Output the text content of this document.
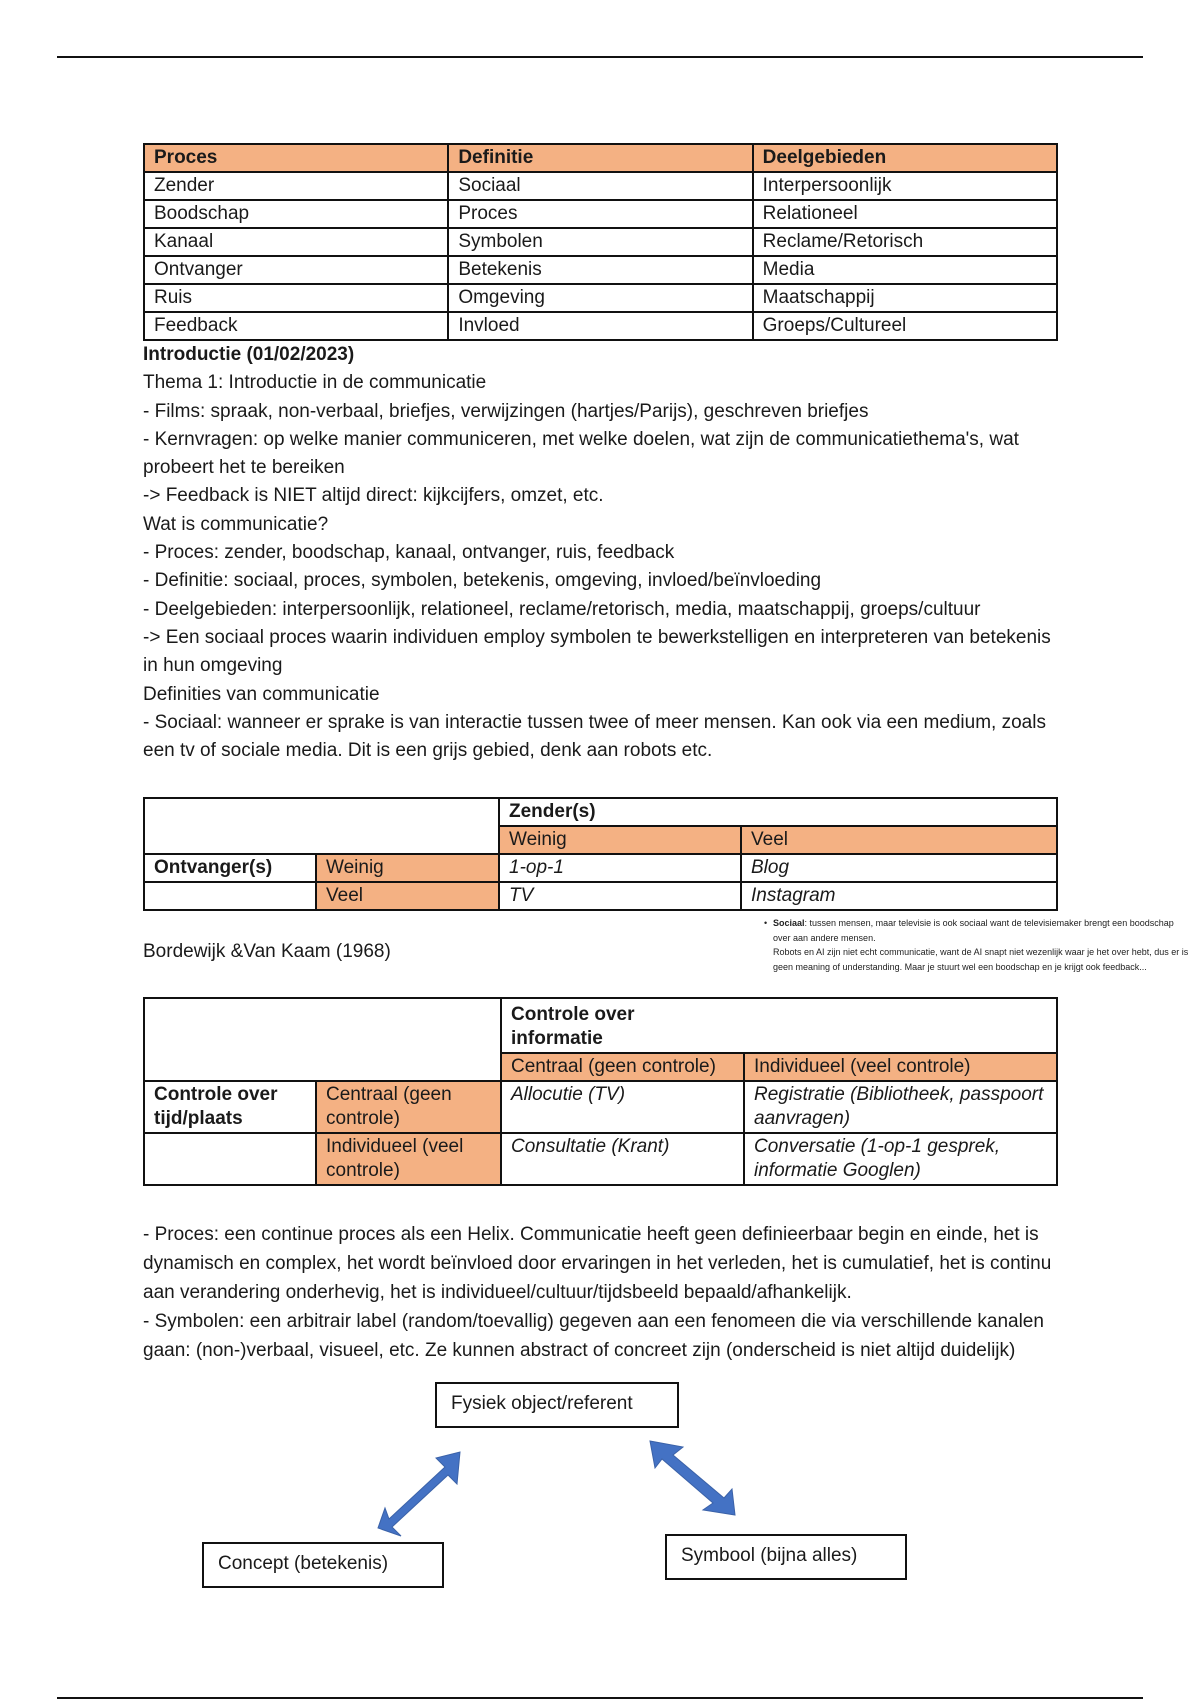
Proces	Definitie	Deelgebieden
Zender	Sociaal	Interpersoonlijk
Boodschap	Proces	Relationeel
Kanaal	Symbolen	Reclame/Retorisch
Ontvanger	Betekenis	Media
Ruis	Omgeving	Maatschappij
Feedback	Invloed	Groeps/Cultureel

Introductie (01/02/2023)

Thema 1: Introductie in de communicatie

- Films: spraak, non-verbaal, briefjes, verwijzingen (hartjes/Parijs), geschreven briefjes

- Kernvragen: op welke manier communiceren, met welke doelen, wat zijn de communicatiethema's, wat probeert het te bereiken

-> Feedback is NIET altijd direct: kijkcijfers, omzet, etc.

Wat is communicatie?

- Proces: zender, boodschap, kanaal, ontvanger, ruis, feedback

- Definitie: sociaal, proces, symbolen, betekenis, omgeving, invloed/beïnvloeding

- Deelgebieden: interpersoonlijk, relationeel, reclame/retorisch, media, maatschappij, groeps/cultuur

-> Een sociaal proces waarin individuen employ symbolen te bewerkstelligen en interpreteren van betekenis in hun omgeving

Definities van communicatie

- Sociaal: wanneer er sprake is van interactie tussen twee of meer mensen. Kan ook via een medium, zoals een tv of sociale media. Dit is een grijs gebied, denk aan robots etc.

		Zender(s)	
		Weinig	Veel
Ontvanger(s)	Weinig	1-op-1	Blog
	Veel	TV	Instagram
Bordewijk &Van Kaam (1968)
• Sociaal: tussen mensen, maar televisie is ook sociaal want de televisiemaker brengt een boodschap over aan andere mensen.
Robots en AI zijn niet echt communicatie, want de AI snapt niet wezenlijk waar je het over hebt, dus er is geen meaning of understanding. Maar je stuurt wel een boodschap en je krijgt ook feedback...

		Controle over informatie	

		Centraal (geen controle)	Individueel (veel controle)
Controle over tijd/plaats	Centraal (geen controle)	Allocutie (TV)	Registratie (Bibliotheek, passpoort aanvragen)
	Individueel (veel controle)	Consultatie (Krant)	Conversatie (1-op-1 gesprek, informatie Googlen)

- Proces: een continue proces als een Helix. Communicatie heeft geen definieerbaar begin en einde, het is dynamisch en complex, het wordt beïnvloed door ervaringen in het verleden, het is cumulatief, het is continu aan verandering onderhevig, het is individueel/cultuur/tijdsbeeld bepaald/afhankelijk.

- Symbolen: een arbitrair label (random/toevallig) gegeven aan een fenomeen die via verschillende kanalen gaan: (non-)verbaal, visueel, etc. Ze kunnen abstract of concreet zijn (onderscheid is niet altijd duidelijk)

Fysiek object/referent
Concept (betekenis)	Symbool (bijna alles)
